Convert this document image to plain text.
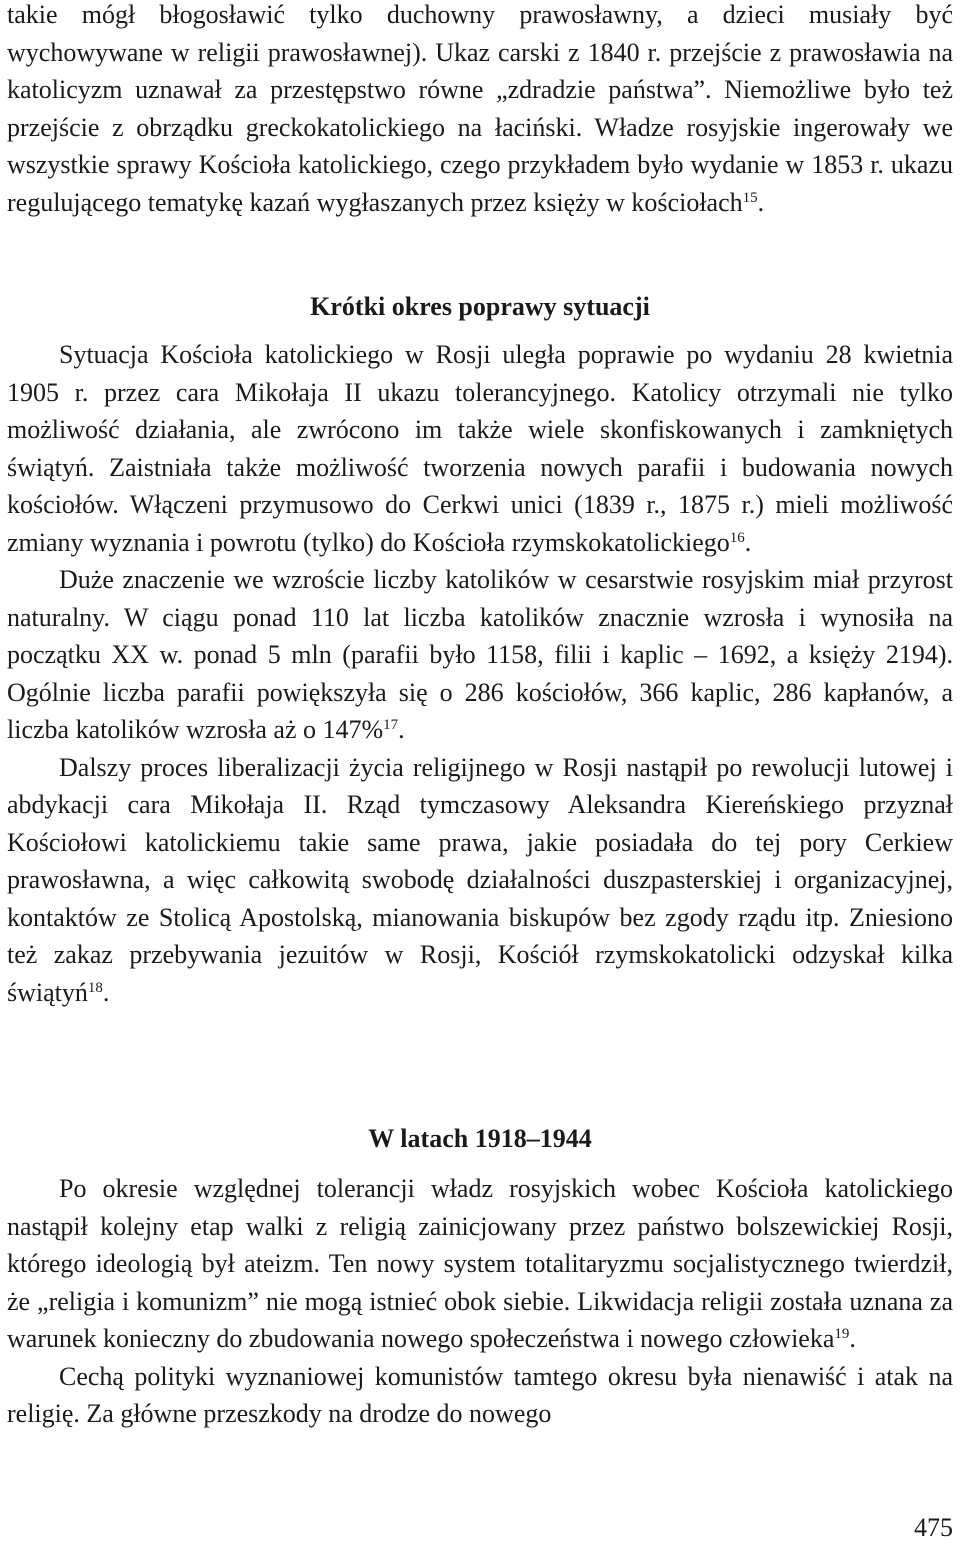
takie mógł błogosławić tylko duchowny prawosławny, a dzieci musiały być wychowywane w religii prawosławnej). Ukaz carski z 1840 r. przejście z prawosławia na katolicyzm uznawał za przestępstwo równe „zdradzie państwa”. Niemożliwe było też przejście z obrządku greckokatolickiego na łaciński. Władze rosyjskie ingerowały we wszystkie sprawy Kościoła katolickiego, czego przykładem było wydanie w 1853 r. ukazu regulującego tematykę kazań wygłaszanych przez księży w kościołach$^{15}$.

Krótki okres poprawy sytuacji

Sytuacja Kościoła katolickiego w Rosji uległa poprawie po wydaniu 28 kwietnia 1905 r. przez cara Mikołaja II ukazu tolerancyjnego. Katolicy otrzymali nie tylko możliwość działania, ale zwrócono im także wiele skonfiskowanych i zamkniętych świątyń. Zaistniała także możliwość tworzenia nowych parafii i budowania nowych kościołów. Włączeni przymusowo do Cerkwi unici (1839 r., 1875 r.) mieli możliwość zmiany wyznania i powrotu (tylko) do Kościoła rzymskokatolickiego$^{16}$.

Duże znaczenie we wzroście liczby katolików w cesarstwie rosyjskim miał przyrost naturalny. W ciągu ponad 110 lat liczba katolików znacznie wzrosła i wynosiła na początku XX w. ponad 5 mln (parafii było 1158, filii i kaplic – 1692, a księży 2194). Ogólnie liczba parafii powiększyła się o 286 kościołów, 366 kaplic, 286 kapłanów, a liczba katolików wzrosła aż o 147%$^{17}$.

Dalszy proces liberalizacji życia religijnego w Rosji nastąpił po rewolucji lutowej i abdykacji cara Mikołaja II. Rząd tymczasowy Aleksandra Kiereńskiego przyznał Kościołowi katolickiemu takie same prawa, jakie posiadała do tej pory Cerkiew prawosławna, a więc całkowitą swobodę działalności duszpasterskiej i organizacyjnej, kontaktów ze Stolicą Apostolską, mianowania biskupów bez zgody rządu itp. Zniesiono też zakaz przebywania jezuitów w Rosji, Kościół rzymskokatolicki odzyskał kilka świątyń$^{18}$.

W latach 1918–1944

Po okresie względnej tolerancji władz rosyjskich wobec Kościoła katolickiego nastąpił kolejny etap walki z religią zainicjowany przez państwo bolszewickiej Rosji, którego ideologią był ateizm. Ten nowy system totalitaryzmu socjalistycznego twierdził, że „religia i komunizm” nie mogą istnieć obok siebie. Likwidacja religii została uznana za warunek konieczny do zbudowania nowego społeczeństwa i nowego człowieka$^{19}$.

Cechą polityki wyznaniowej komunistów tamtego okresu była nienawiść i atak na religię. Za główne przeszkody na drodze do nowego

475
